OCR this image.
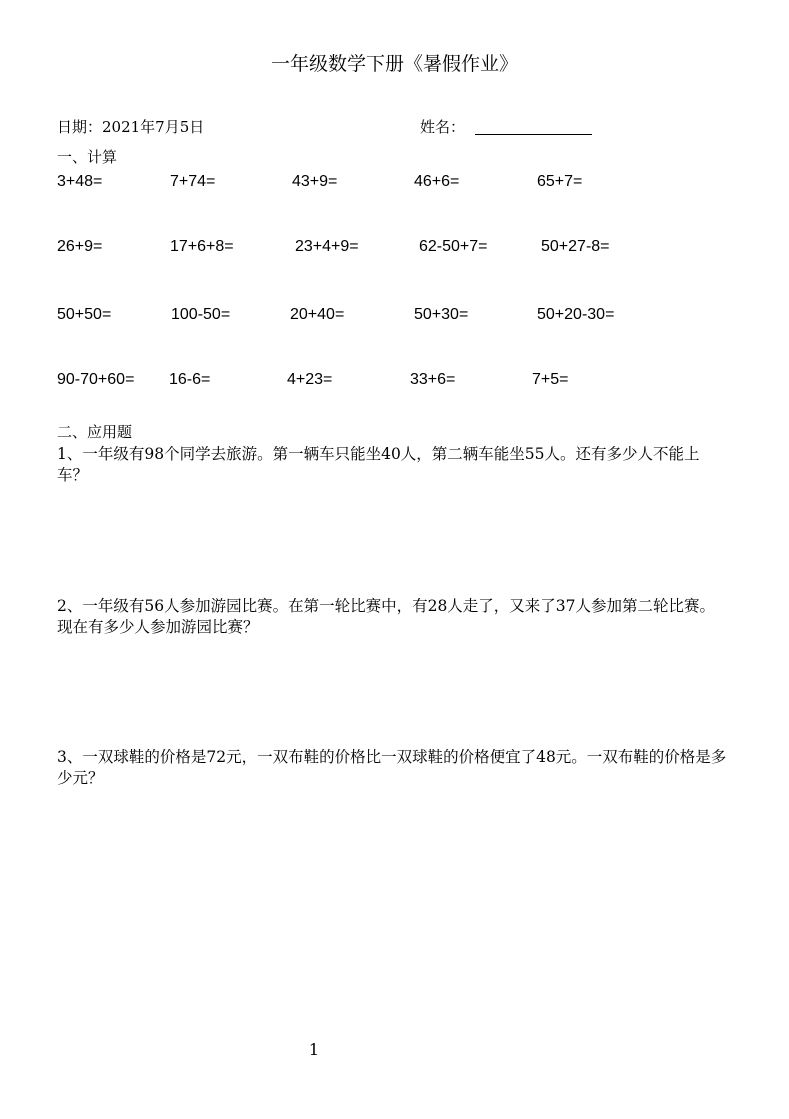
一年级数学下册《暑假作业》
日期：2021年7月5日	姓名：
一、计算
3+48=	7+74=	43+9=	46+6=	65+7=
26+9=	17+6+8=	23+4+9=	62-50+7=	50+27-8=
50+50=	100-50=	20+40=	50+30=	50+20-30=
90-70+60= 16-6=	4+23=	33+6=	7+5=
二、应用题
1、一年级有98个同学去旅游。第一辆车只能坐40人，第二辆车能坐55人。还有多少人不能上车？
2、一年级有56人参加游园比赛。在第一轮比赛中，有28人走了，又来了37人参加第二轮比赛。现在有多少人参加游园比赛？
3、一双球鞋的价格是72元，一双布鞋的价格比一双球鞋的价格便宜了48元。一双布鞋的价格是多少元？
1
